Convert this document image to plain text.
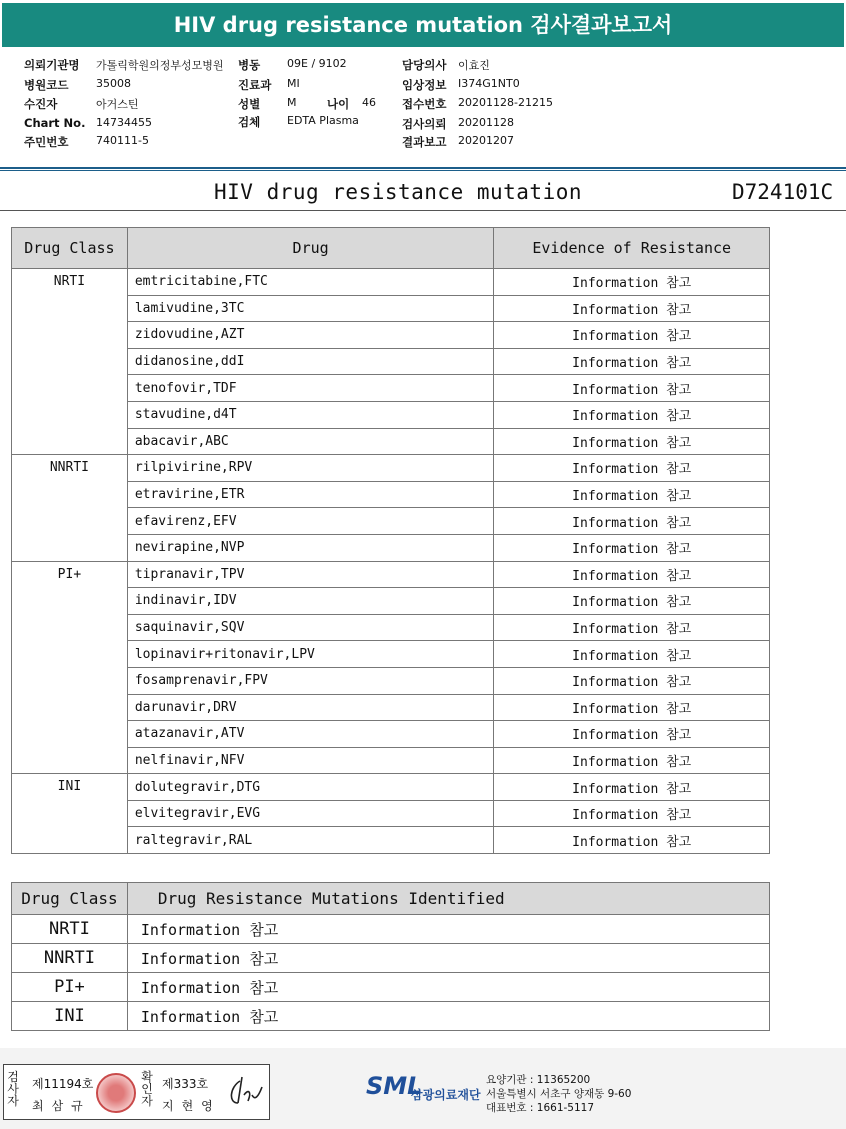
HIV drug resistance mutation 검사결과보고서
의뢰기관명 가톨릭학원의정부성모병원 병동 09E / 9102	담당의사 이효진
병원코드	35008	진료과 MI	임상정보 I374G1NT0
수진자	아거스틴	성별 M	나이 46 접수번호 20201128-21215
Chart No. 14734455	검체 EDTA Plasma	검사의뢰 20201128
주민번호	740111-5	결과보고 20201207
HIV drug resistance mutation	D724101C
Drug Class	Drug	Evidence of Resistance
NRTI	emtricitabine,FTC	Information 참고
	lamivudine,3TC	Information 참고
	zidovudine,AZT	Information 참고
	didanosine,ddI	Information 참고
	tenofovir,TDF	Information 참고
	stavudine,d4T	Information 참고
	abacavir,ABC	Information 참고
NNRTI	rilpivirine,RPV	Information 참고
	etravirine,ETR	Information 참고
	efavirenz,EFV	Information 참고
	nevirapine,NVP	Information 참고
PI+	tipranavir,TPV	Information 참고
	indinavir,IDV	Information 참고
	saquinavir,SQV	Information 참고
	lopinavir+ritonavir,LPV	Information 참고
	fosamprenavir,FPV	Information 참고
	darunavir,DRV	Information 참고
	atazanavir,ATV	Information 참고
	nelfinavir,NFV	Information 참고
INI	dolutegravir,DTG	Information 참고
	elvitegravir,EVG	Information 참고
	raltegravir,RAL	Information 참고
Drug Class	Drug Resistance Mutations Identified
NRTI	Information 참고
NNRTI	Information 참고
PI+	Information 참고
INI	Information 참고
검사자
제11194호
최삼규
확인자
제333호
지현영
SML
삼광의료재단
요양기관 : 11365200
서울특별시 서초구 양재동 9-60
대표번호 : 1661-5117
